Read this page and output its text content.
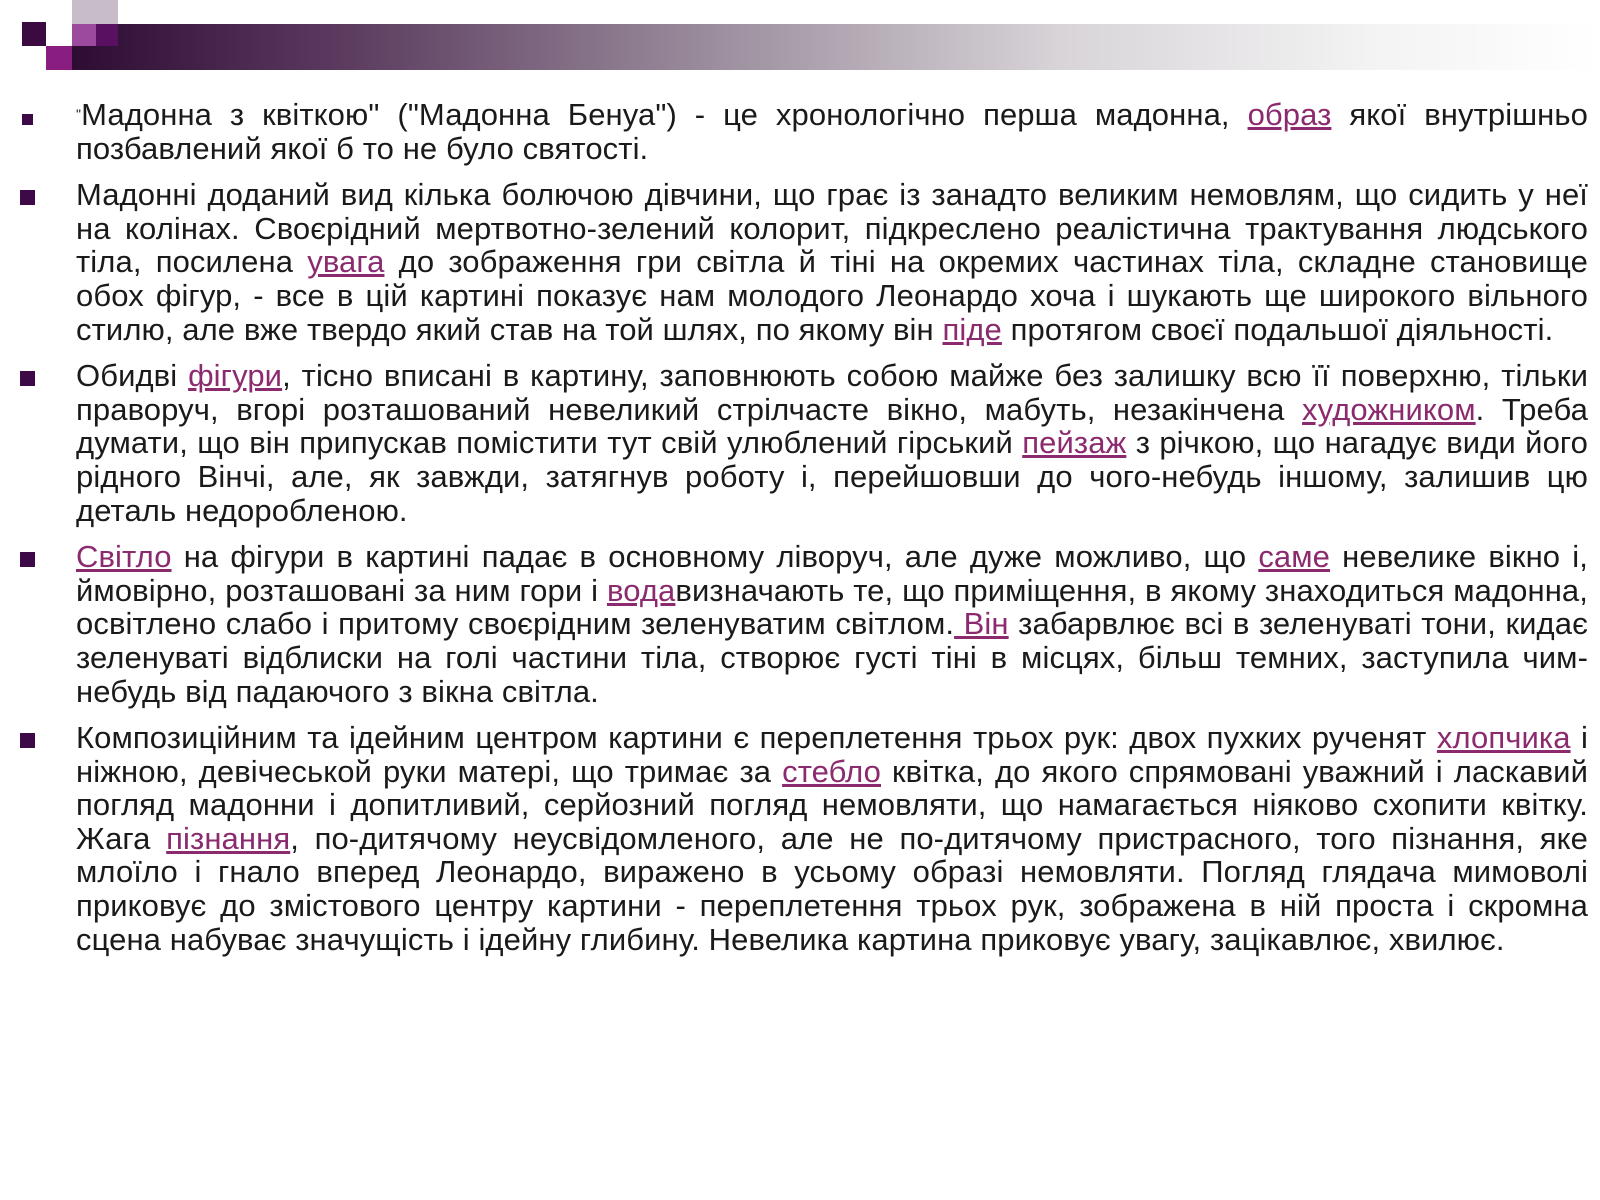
"Мадонна з квіткою" ("Мадонна Бенуа") - це хронологічно перша мадонна, образ якої внутрішньо позбавлений якої б то не було святості.
Мадонні доданий вид кілька болючою дівчини, що грає із занадто великим немовлям, що сидить у неї на колінах. Своєрідний мертвотно-зелений колорит, підкреслено реалістична трактування людського тіла, посилена увага до зображення гри світла й тіні на окремих частинах тіла, складне становище обох фігур, - все в цій картині показує нам молодого Леонардо хоча і шукають ще широкого вільного стилю, але вже твердо який став на той шлях, по якому він піде протягом своєї подальшої діяльності.
Обидві фігури, тісно вписані в картину, заповнюють собою майже без залишку всю її поверхню, тільки праворуч, вгорі розташований невеликий стрілчасте вікно, мабуть, незакінчена художником. Треба думати, що він припускав помістити тут свій улюблений гірський пейзаж з річкою, що нагадує види його рідного Вінчі, але, як завжди, затягнув роботу і, перейшовши до чого-небудь іншому, залишив цю деталь недоробленою.
Світло на фігури в картині падає в основному ліворуч, але дуже можливо, що саме невелике вікно і, ймовірно, розташовані за ним гори і водавизначають те, що приміщення, в якому знаходиться мадонна, освітлено слабо і притому своєрідним зеленуватим світлом. Він забарвлює всі в зеленуваті тони, кидає зеленуваті відблиски на голі частини тіла, створює густі тіні в місцях, більш темних, заступила чим-небудь від падаючого з вікна світла.
Композиційним та ідейним центром картини є переплетення трьох рук: двох пухких рученят хлопчика і ніжною, девічеськой руки матері, що тримає за стебло квітка, до якого спрямовані уважний і ласкавий погляд мадонни і допитливий, серйозний погляд немовляти, що намагається ніяково схопити квітку. Жага пізнання, по-дитячому неусвідомленого, але не по-дитячому пристрасного, того пізнання, яке млоїло і гнало вперед Леонардо, виражено в усьому образі немовляти. Погляд глядача мимоволі приковує до змістового центру картини - переплетення трьох рук, зображена в ній проста і скромна сцена набуває значущість і ідейну глибину. Невелика картина приковує увагу, зацікавлює, хвилює.
